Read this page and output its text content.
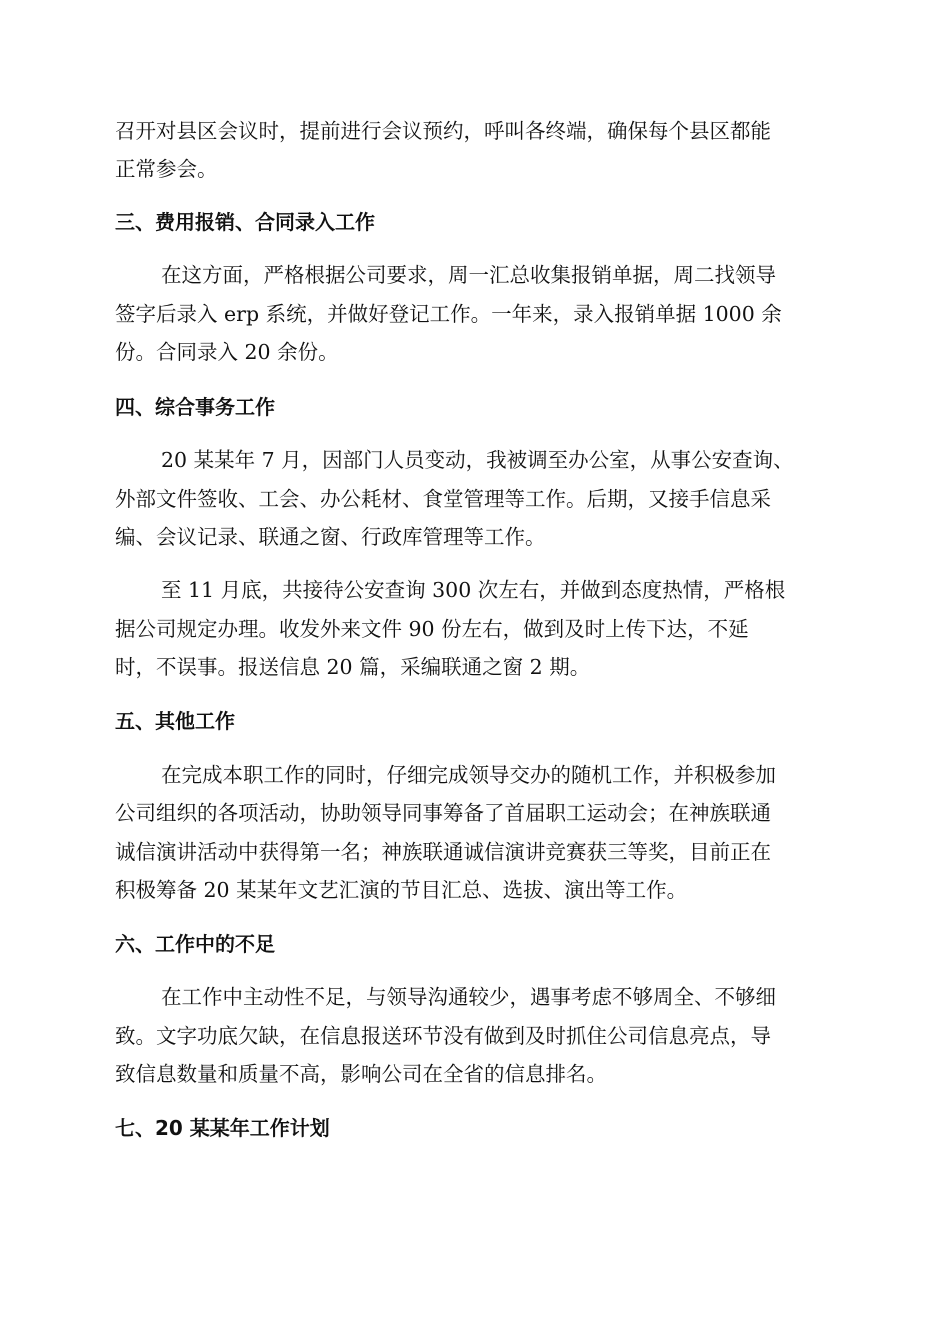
召开对县区会议时，提前进行会议预约，呼叫各终端，确保每个县区都能
正常参会。
三、费用报销、合同录入工作
在这方面，严格根据公司要求，周一汇总收集报销单据，周二找领导
签字后录入 erp 系统，并做好登记工作。一年来，录入报销单据 1000 余
份。合同录入 20 余份。
四、综合事务工作
20 某某年 7 月，因部门人员变动，我被调至办公室，从事公安查询、
外部文件签收、工会、办公耗材、食堂管理等工作。后期，又接手信息采
编、会议记录、联通之窗、行政库管理等工作。
至 11 月底，共接待公安查询 300 次左右，并做到态度热情，严格根
据公司规定办理。收发外来文件 90 份左右，做到及时上传下达，不延
时，不误事。报送信息 20 篇，采编联通之窗 2 期。
五、其他工作
在完成本职工作的同时，仔细完成领导交办的随机工作，并积极参加
公司组织的各项活动，协助领导同事筹备了首届职工运动会；在神族联通
诚信演讲活动中获得第一名；神族联通诚信演讲竞赛获三等奖，目前正在
积极筹备 20 某某年文艺汇演的节目汇总、选拔、演出等工作。
六、工作中的不足
在工作中主动性不足，与领导沟通较少，遇事考虑不够周全、不够细
致。文字功底欠缺，在信息报送环节没有做到及时抓住公司信息亮点，导
致信息数量和质量不高，影响公司在全省的信息排名。
七、20 某某年工作计划
